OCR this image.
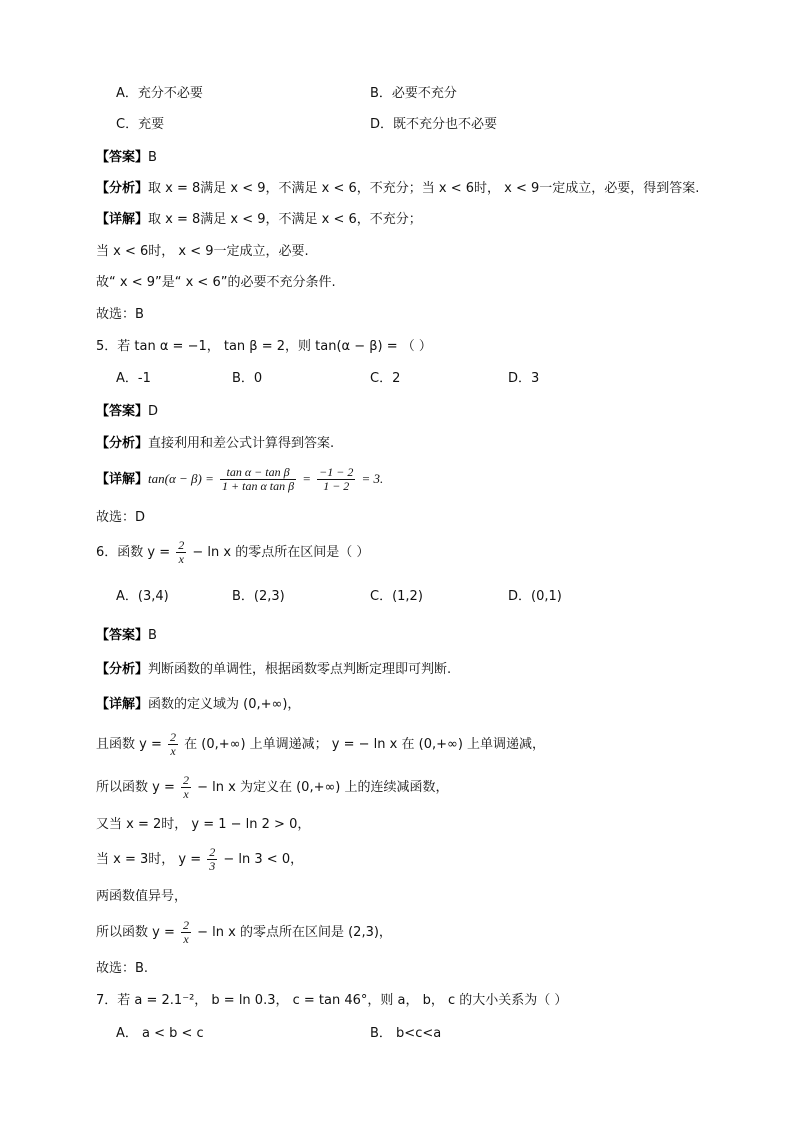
A．充分不必要	B．必要不充分
C．充要	D．既不充分也不必要
【答案】B
【分析】取 x = 8满足 x < 9，不满足 x < 6，不充分；当 x < 6时， x < 9一定成立，必要，得到答案.
【详解】取 x = 8满足 x < 9，不满足 x < 6，不充分；
当 x < 6时， x < 9一定成立，必要.
故“ x < 9”是“ x < 6”的必要不充分条件.
故选：B
5．若 tan α = −1， tan β = 2，则 tan(α − β) = （ ）
A．-1	B．0	C．2	D．3
【答案】D
【分析】直接利用和差公式计算得到答案.
【详解】$\tan(\alpha - \beta) = \frac{\text{tan α − tan β}}{\text{1 + tan α tan β}} = \frac{-1 - 2}{1 - 2} = 3$.
故选：D
6．函数 $y = \frac{2}{x} - \ln x$ 的零点所在区间是（ ）
A．(3,4)	B．(2,3)	C．(1,2)	D．(0,1)
【答案】B
【分析】判断函数的单调性，根据函数零点判断定理即可判断.
【详解】函数的定义域为 (0,+∞)，
且函数 $y = \frac{2}{x}$ 在 (0,+∞) 上单调递减； y = − ln x 在 (0,+∞) 上单调递减，
所以函数 $y = \frac{2}{x} - \ln x$ 为定义在 (0,+∞) 上的连续减函数，
又当 x = 2时， y = 1 − ln 2 > 0，
当 x = 3时， $y = \frac{2}{3} - \ln 3 < 0$，
两函数值异号，
所以函数 $y = \frac{2}{x} - \ln x$ 的零点所在区间是 (2,3)，
故选：B.
7．若 a = 2.1⁻²， b = ln 0.3， c = tan 46°，则 a， b， c 的大小关系为（ ）
A． a < b < c	B． b<c<a
